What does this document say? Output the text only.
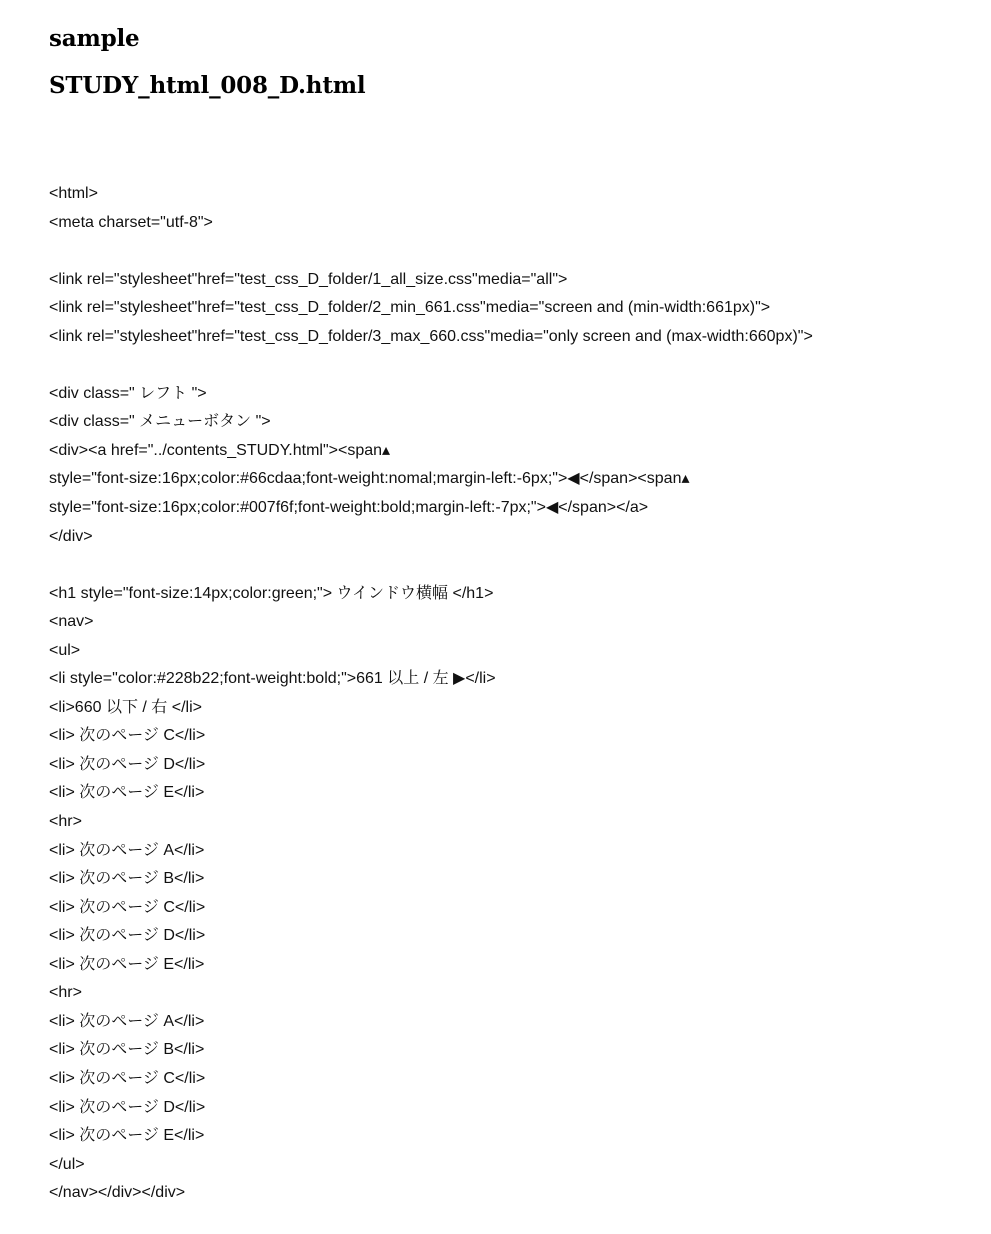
sample
STUDY_html_008_D.html
<html>
<meta charset="utf-8">
<link rel="stylesheet"href="test_css_D_folder/1_all_size.css"media="all">
<link rel="stylesheet"href="test_css_D_folder/2_min_661.css"media="screen and (min-width:661px)">
<link rel="stylesheet"href="test_css_D_folder/3_max_660.css"media="only screen and (max-width:660px)">
<div class=" レフト ">
<div class=" メニューボタン ">
<div><a href="../contents_STUDY.html"><span▴
style="font-size:16px;color:#66cdaa;font-weight:nomal;margin-left:-6px;">◀</span><span▴
style="font-size:16px;color:#007f6f;font-weight:bold;margin-left:-7px;">◀</span></a>
</div>
<h1 style="font-size:14px;color:green;"> ウインドウ横幅 </h1>
<nav>
<ul>
<li style="color:#228b22;font-weight:bold;">661 以上 / 左 ▶</li>
<li>660 以下 / 右 </li>
<li> 次のページ C</li>
<li> 次のページ D</li>
<li> 次のページ E</li>
<hr>
<li> 次のページ A</li>
<li> 次のページ B</li>
<li> 次のページ C</li>
<li> 次のページ D</li>
<li> 次のページ E</li>
<hr>
<li> 次のページ A</li>
<li> 次のページ B</li>
<li> 次のページ C</li>
<li> 次のページ D</li>
<li> 次のページ E</li>
</ul>
</nav></div></div>
